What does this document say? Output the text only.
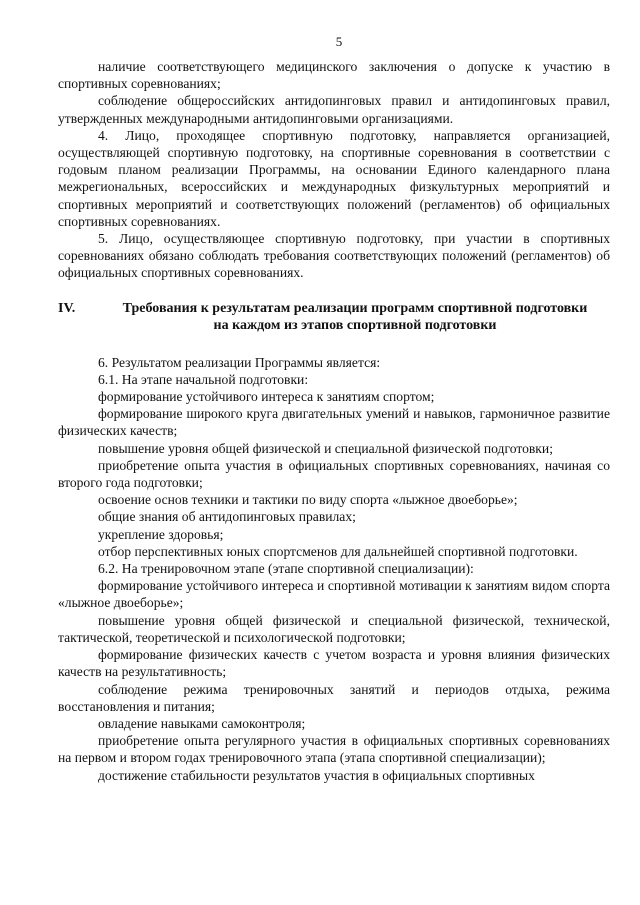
5

наличие соответствующего медицинского заключения о допуске к участию в спортивных соревнованиях;

соблюдение общероссийских антидопинговых правил и антидопинговых правил, утвержденных международными антидопинговыми организациями.

4. Лицо, проходящее спортивную подготовку, направляется организацией, осуществляющей спортивную подготовку, на спортивные соревнования в соответствии с годовым планом реализации Программы, на основании Единого календарного плана межрегиональных, всероссийских и международных физкультурных мероприятий и спортивных мероприятий и соответствующих положений (регламентов) об официальных спортивных соревнованиях.

5. Лицо, осуществляющее спортивную подготовку, при участии в спортивных соревнованиях обязано соблюдать требования соответствующих положений (регламентов) об официальных спортивных соревнованиях.

IV.	Требования к результатам реализации программ спортивной подготовки
на каждом из этапов спортивной подготовки

6. Результатом реализации Программы является:

6.1. На этапе начальной подготовки:

формирование устойчивого интереса к занятиям спортом;

формирование широкого круга двигательных умений и навыков, гармоничное развитие физических качеств;

повышение уровня общей физической и специальной физической подготовки;

приобретение опыта участия в официальных спортивных соревнованиях, начиная со второго года подготовки;

освоение основ техники и тактики по виду спорта «лыжное двоеборье»;

общие знания об антидопинговых правилах;

укрепление здоровья;

отбор перспективных юных спортсменов для дальнейшей спортивной подготовки.

6.2. На тренировочном этапе (этапе спортивной специализации):

формирование устойчивого интереса и спортивной мотивации к занятиям видом спорта «лыжное двоеборье»;

повышение уровня общей физической и специальной физической, технической, тактической, теоретической и психологической подготовки;

формирование физических качеств с учетом возраста и уровня влияния физических качеств на результативность;

соблюдение режима тренировочных занятий и периодов отдыха, режима восстановления и питания;

овладение навыками самоконтроля;

приобретение опыта регулярного участия в официальных спортивных соревнованиях на первом и втором годах тренировочного этапа (этапа спортивной специализации);

достижение стабильности результатов участия в официальных спортивных
